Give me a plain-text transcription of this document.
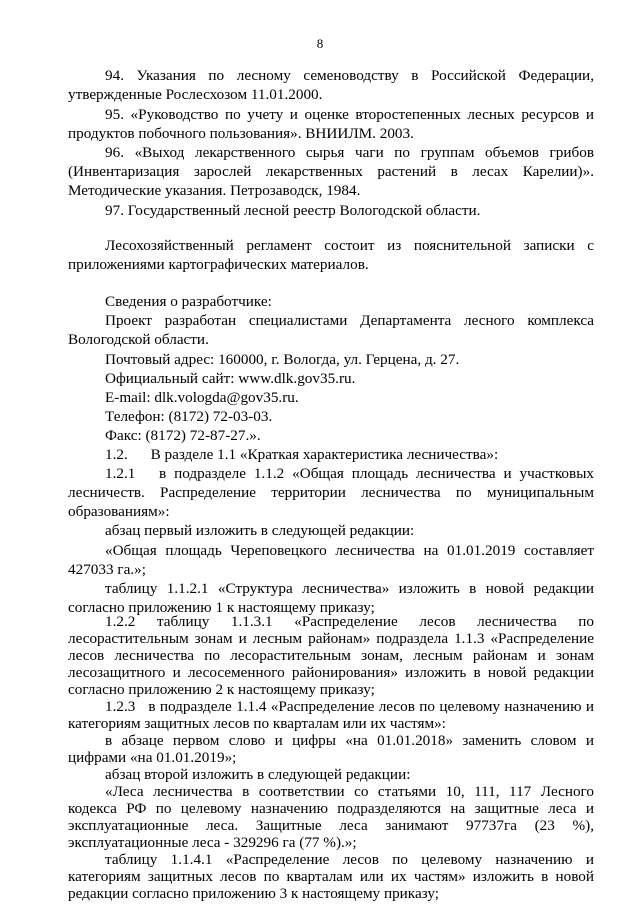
8
94. Указания по лесному семеноводству в Российской Федерации,
утвержденные Рослесхозом 11.01.2000.
95. «Руководство по учету и оценке второстепенных лесных ресурсов и
продуктов побочного пользования». ВНИИЛМ. 2003.
96. «Выход лекарственного сырья чаги по группам объемов грибов
(Инвентаризация зарослей лекарственных растений в лесах Карелии)».
Методические указания. Петрозаводск, 1984.
97. Государственный лесной реестр Вологодской области.
Лесохозяйственный регламент состоит из пояснительной записки с
приложениями картографических материалов.
Сведения о разработчике:
Проект разработан специалистами Департамента лесного комплекса
Вологодской области.
Почтовый адрес: 160000, г. Вологда, ул. Герцена, д. 27.
Официальный сайт: www.dlk.gov35.ru.
E-mail: dlk.vologda@gov35.ru.
Телефон: (8172) 72-03-03.
Факс: (8172) 72-87-27.».
1.2.      В разделе 1.1 «Краткая характеристика лесничества»:
1.2.1   в подразделе 1.1.2 «Общая площадь лесничества и участковых
лесничеств. Распределение территории лесничества по муниципальным
образованиям»:
абзац первый изложить в следующей редакции:
«Общая площадь Череповецкого лесничества на 01.01.2019 составляет
427033 га.»;
таблицу 1.1.2.1 «Структура лесничества» изложить в новой редакции
согласно приложению 1 к настоящему приказу;
1.2.2 таблицу 1.1.3.1 «Распределение лесов лесничества по
лесорастительным зонам и лесным районам» подраздела 1.1.3 «Распределение
лесов лесничества по лесорастительным зонам, лесным районам и зонам
лесозащитного и лесосеменного районирования» изложить в новой редакции
согласно приложению 2 к настоящему приказу;
1.2.3   в подразделе 1.1.4 «Распределение лесов по целевому назначению и
категориям защитных лесов по кварталам или их частям»:
в абзаце первом слово и цифры «на 01.01.2018» заменить словом и
цифрами «на 01.01.2019»;
абзац второй изложить в следующей редакции:
«Леса лесничества в соответствии со статьями 10, 111, 117 Лесного
кодекса РФ по целевому назначению подразделяются на защитные леса и
эксплуатационные леса. Защитные леса занимают 97737га (23 %),
эксплуатационные леса - 329296 га (77 %).»;
таблицу 1.1.4.1 «Распределение лесов по целевому назначению и
категориям защитных лесов по кварталам или их частям» изложить в новой
редакции согласно приложению 3 к настоящему приказу;
